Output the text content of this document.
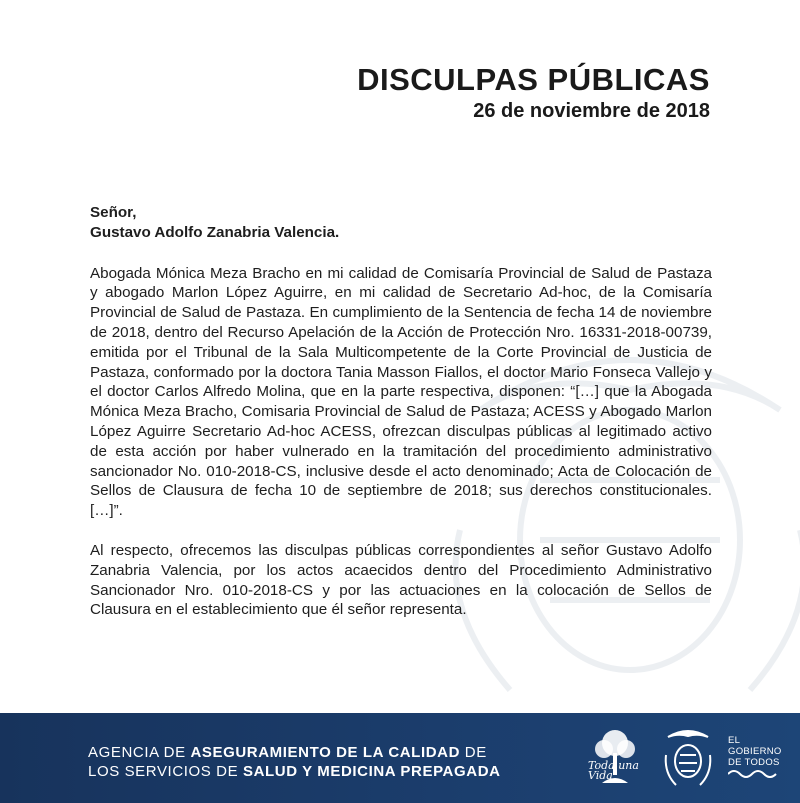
DISCULPAS PÚBLICAS
26 de noviembre de 2018
Señor,
Gustavo Adolfo Zanabria Valencia.

Abogada Mónica Meza Bracho en mi calidad de Comisaría Provincial de Salud de Pastaza y abogado Marlon López Aguirre, en mi calidad de Secretario Ad-hoc, de la Comisaría Provincial de Salud de Pastaza. En cumplimiento de la Sentencia de fecha 14 de noviembre de 2018, dentro del Recurso Apelación de la Acción de Protección Nro. 16331-2018-00739, emitida por el Tribunal de la Sala Multicompetente de la Corte Provincial de Justicia de Pastaza, conformado por la doctora Tania Masson Fiallos, el doctor Mario Fonseca Vallejo y el doctor Carlos Alfredo Molina, que en la parte respectiva, disponen: “[…] que la Abogada Mónica Meza Bracho, Comisaria Provincial de Salud de Pastaza; ACESS y Abogado Marlon López Aguirre Secretario Ad-hoc ACESS, ofrezcan disculpas públicas al legitimado activo de esta acción por haber vulnerado en la tramitación del procedimiento administrativo sancionador No. 010-2018-CS, inclusive desde el acto denominado; Acta de Colocación de Sellos de Clausura de fecha 10 de septiembre de 2018; sus derechos constitucionales. […]”.

Al respecto, ofrecemos las disculpas públicas correspondientes al señor Gustavo Adolfo Zanabria Valencia, por los actos acaecidos dentro del Procedimiento Administrativo Sancionador Nro. 010-2018-CS y por las actuaciones en la colocación de Sellos de Clausura en el establecimiento que él señor representa.

AGENCIA DE ASEGURAMIENTO DE LA CALIDAD DE
LOS SERVICIOS DE SALUD Y MEDICINA PREPAGADA	Toda una Vida
EL
GOBIERNO
DE TODOS
